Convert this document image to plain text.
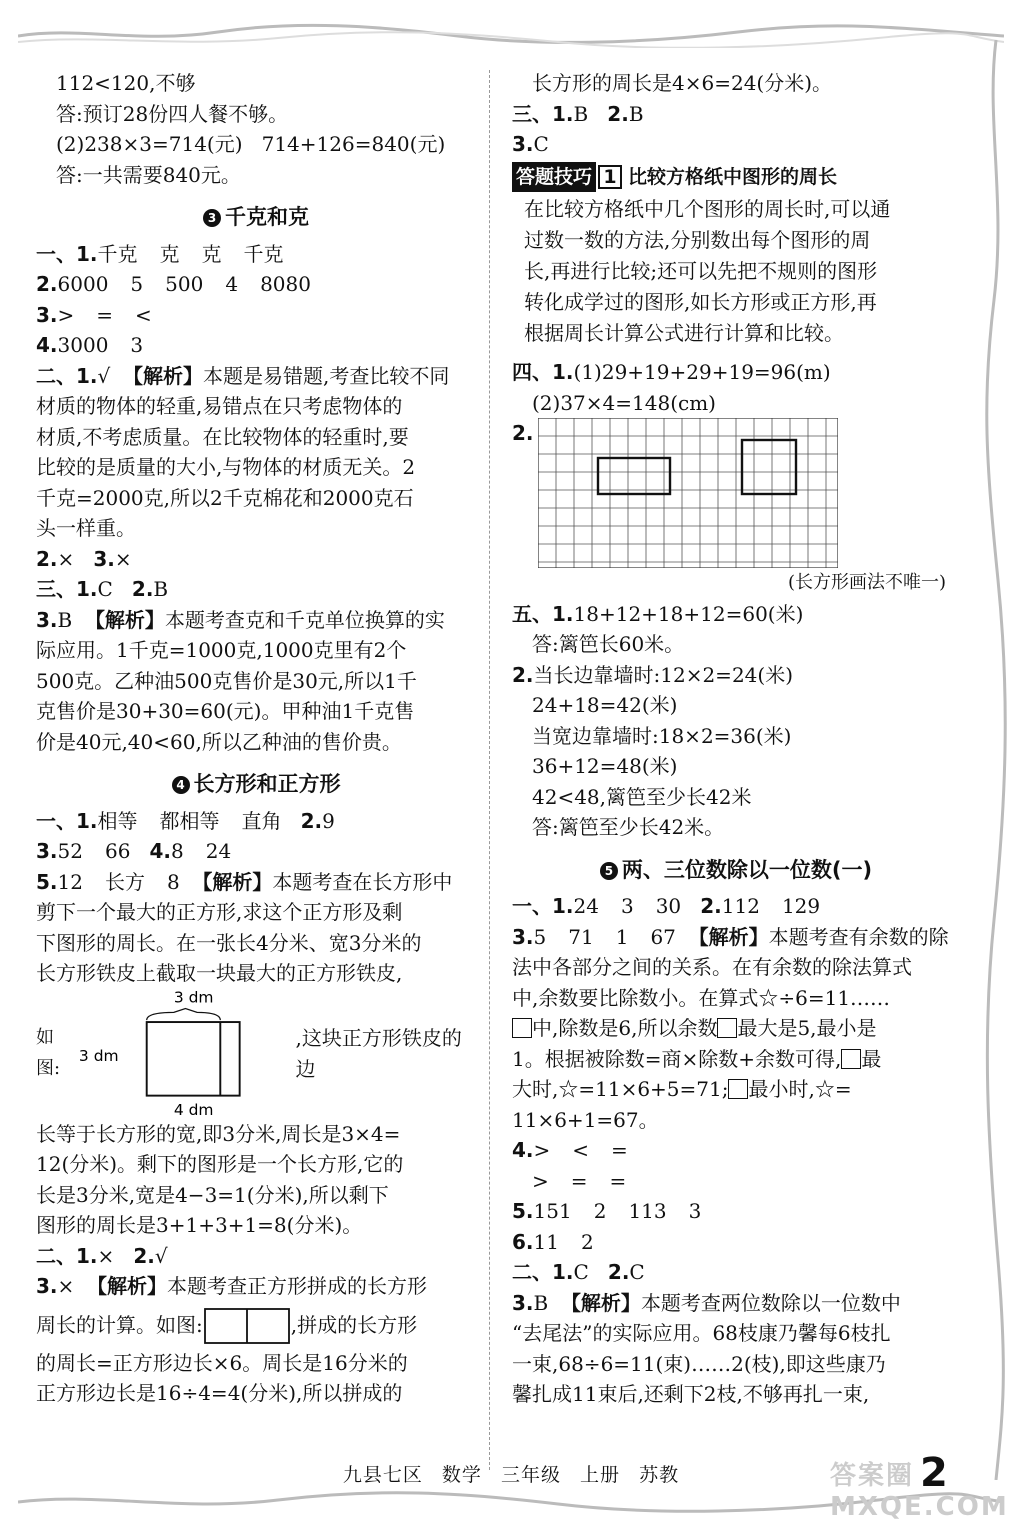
112<120,不够
答:预订28份四人餐不够。
(2)238×3=714(元) 714+126=840(元)
答:一共需要840元。
3 千克和克
一、1.千克 克 克 千克
2.6000 5 500 4 8080
3.> = <
4.3000 3
二、1.√ 【解析】本题是易错题,考查比较不同
材质的物体的轻重,易错点在只考虑物体的
材质,不考虑质量。在比较物体的轻重时,要
比较的是质量的大小,与物体的材质无关。2
千克=2000克,所以2千克棉花和2000克石
头一样重。
2.× 3.×
三、1.C 2.B
3.B 【解析】本题考查克和千克单位换算的实
际应用。1千克=1000克,1000克里有2个
500克。乙种油500克售价是30元,所以1千
克售价是30+30=60(元)。甲种油1千克售
价是40元,40<60,所以乙种油的售价贵。
4 长方形和正方形
一、1.相等 都相等 直角 2.9
3.52 66 4.8 24
5.12 长方 8 【解析】本题考查在长方形中
剪下一个最大的正方形,求这个正方形及剩
下图形的周长。在一张长4分米、宽3分米的
长方形铁皮上截取一块最大的正方形铁皮,
如图:
3 dm
3 dm
4 dm
,这块正方形铁皮的边
长等于长方形的宽,即3分米,周长是3×4=
12(分米)。剩下的图形是一个长方形,它的
长是3分米,宽是4−3=1(分米),所以剩下
图形的周长是3+1+3+1=8(分米)。
二、1.× 2.√
3.× 【解析】本题考查正方形拼成的长方形
周长的计算。如图:	,拼成的长方形
的周长=正方形边长×6。周长是16分米的
正方形边长是16÷4=4(分米),所以拼成的
长方形的周长是4×6=24(分米)。
三、1.B 2.B
3.C
答题技巧 1 比较方格纸中图形的周长
在比较方格纸中几个图形的周长时,可以通
过数一数的方法,分别数出每个图形的周
长,再进行比较;还可以先把不规则的图形
转化成学过的图形,如长方形或正方形,再
根据周长计算公式进行计算和比较。
四、1.(1)29+19+29+19=96(m)
(2)37×4=148(cm)
2.
(长方形画法不唯一)
五、1.18+12+18+12=60(米)
答:篱笆长60米。
2.当长边靠墙时:12×2=24(米)
24+18=42(米)
当宽边靠墙时:18×2=36(米)
36+12=48(米)
42<48,篱笆至少长42米
答:篱笆至少长42米。
5 两、三位数除以一位数(一)
一、1.24 3 30 2.112 129
3.5 71 1 67 【解析】本题考查有余数的除
法中各部分之间的关系。在有余数的除法算式
中,余数要比除数小。在算式☆÷6=11……
中,除数是6,所以余数 最大是5,最小是
1。根据被除数=商×除数+余数可得, 最
大时,☆=11×6+5=71; 最小时,☆=
11×6+1=67。
4.> < =
> = =
5.151 2 113 3
6.11 2
二、1.C 2.C
3.B 【解析】本题考查两位数除以一位数中
“去尾法”的实际应用。68枝康乃馨每6枝扎
一束,68÷6=11(束)……2(枝),即这些康乃
馨扎成11束后,还剩下2枝,不够再扎一束,
九县七区 数学 三年级 上册 苏教	答案圈 MXQE.COM
2
